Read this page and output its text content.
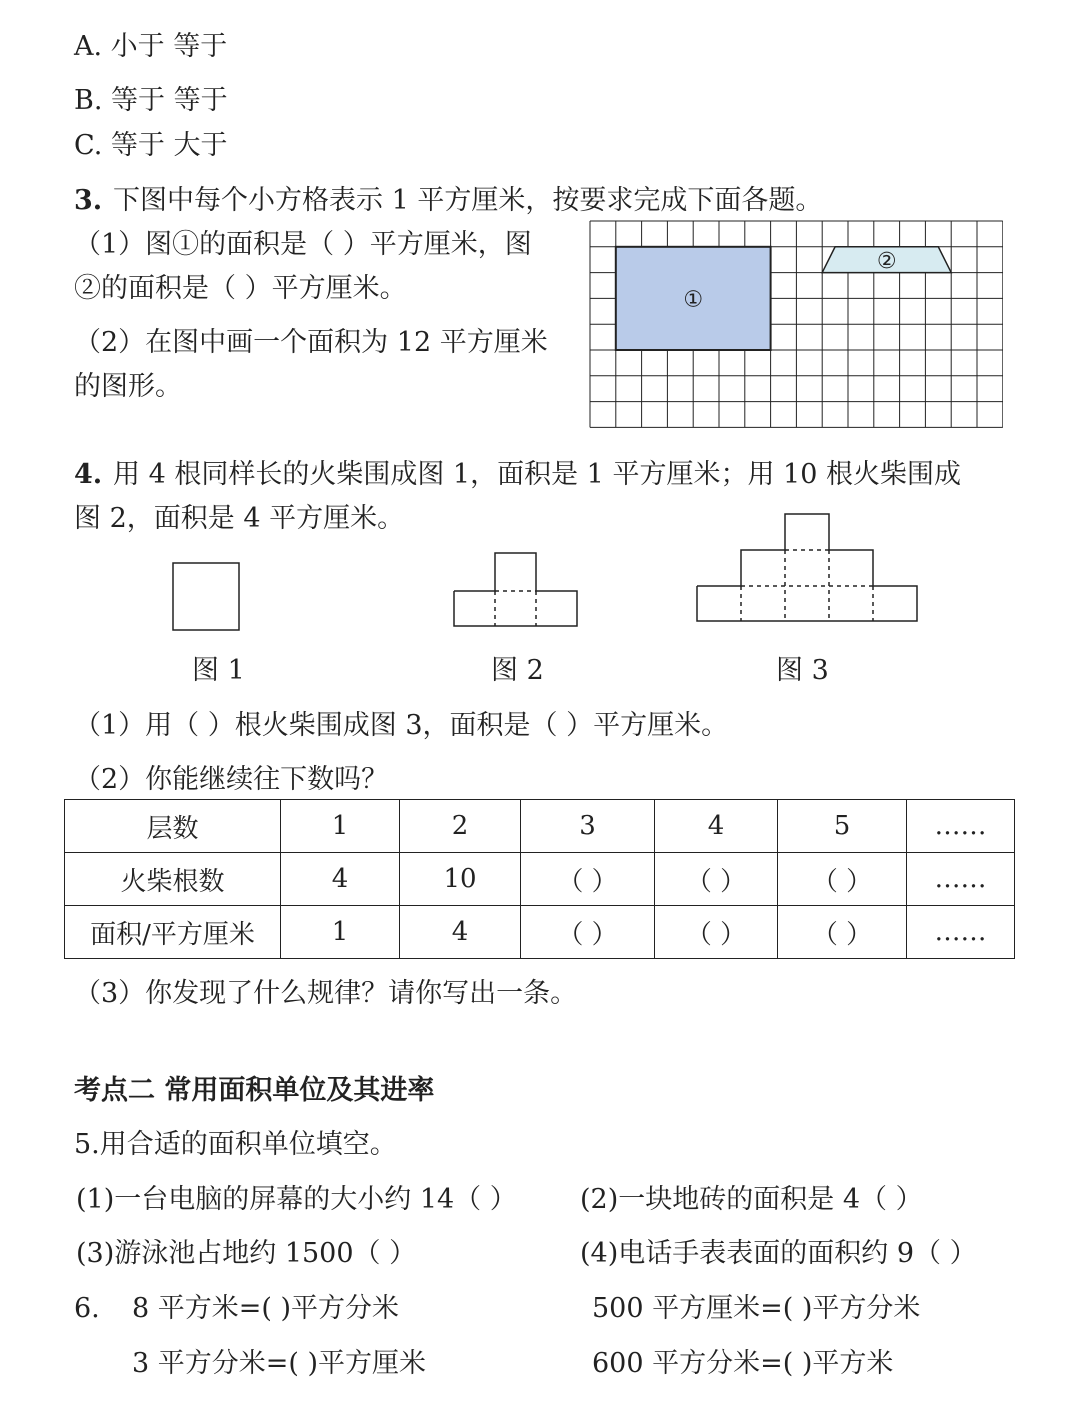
A. 小于 等于
B. 等于 等于
C. 等于 大于
3. 下图中每个小方格表示 1 平方厘米，按要求完成下面各题。
（1）图①的面积是（ ）平方厘米，图
②的面积是（ ）平方厘米。
（2）在图中画一个面积为 12 平方厘米
的图形。
①
②
4. 用 4 根同样长的火柴围成图 1，面积是 1 平方厘米；用 10 根火柴围成
图 2，面积是 4 平方厘米。
图 1	图 2	图 3
（1）用（ ）根火柴围成图 3，面积是（ ）平方厘米。
（2）你能继续往下数吗？
层数	1	2	3	4	5	……
火柴根数	4	10	（ ）	（ ）	（ ）	……
面积/平方厘米	1	4	（ ）	（ ）	（ ）	……
（3）你发现了什么规律？请你写出一条。
考点二 常用面积单位及其进率
5.用合适的面积单位填空。
(1)一台电脑的屏幕的大小约 14（ ） (2)一块地砖的面积是 4（ ）
(3)游泳池占地约 1500（ ）	(4)电话手表表面的面积约 9（ ）
6. 8 平方米=( )平方分米	500 平方厘米=( )平方分米
3 平方分米=( )平方厘米	600 平方分米=( )平方米
